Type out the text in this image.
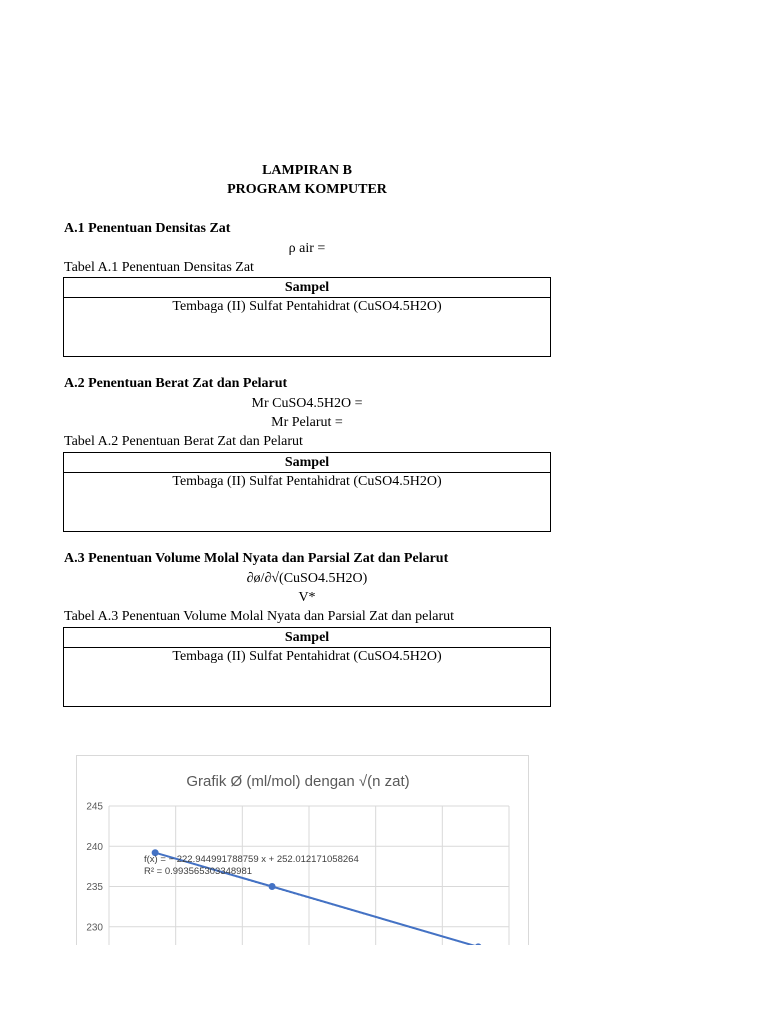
LAMPIRAN B
PROGRAM KOMPUTER
A.1 Penentuan Densitas Zat
ρ air =
Tabel A.1 Penentuan Densitas Zat
Sampel
Tembaga (II) Sulfat Pentahidrat (CuSO4.5H2O)
A.2 Penentuan Berat Zat dan Pelarut
Mr CuSO4.5H2O =
Mr Pelarut =
Tabel A.2 Penentuan Berat Zat dan Pelarut
Sampel
Tembaga (II) Sulfat Pentahidrat (CuSO4.5H2O)
A.3 Penentuan Volume Molal Nyata dan Parsial Zat dan Pelarut
∂ø/∂√(CuSO4.5H2O)
V*
Tabel A.3 Penentuan Volume Molal Nyata dan Parsial Zat dan pelarut
Sampel
Tembaga (II) Sulfat Pentahidrat (CuSO4.5H2O)
Grafik Ø (ml/mol) dengan √(n zat)
245
240
235
230
f(x) = − 222.944991788759 x + 252.012171058264
R² = 0.993565303348981
